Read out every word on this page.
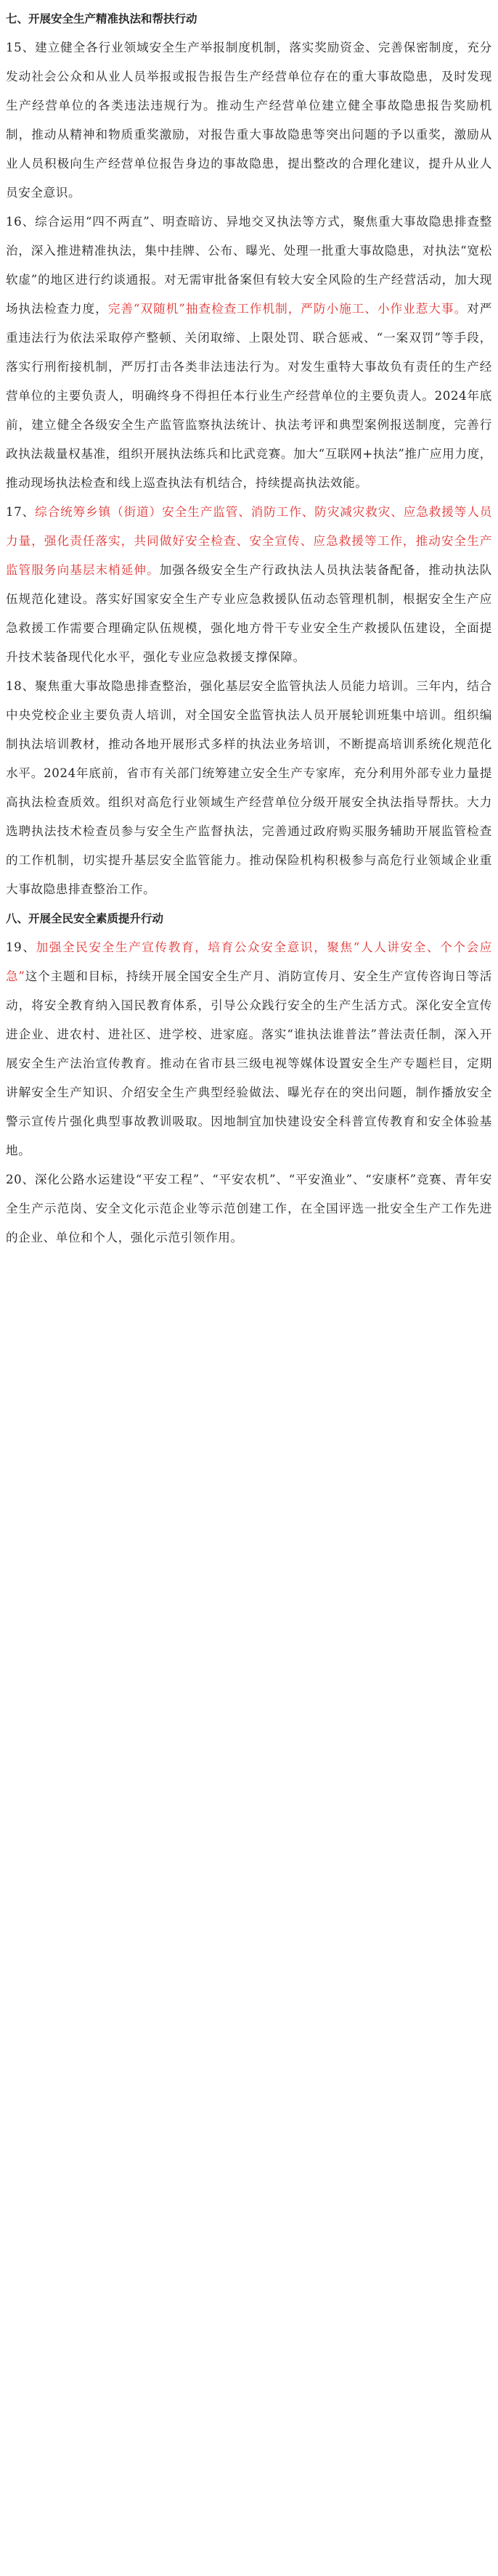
七、开展安全生产精准执法和帮扶行动

15、建立健全各行业领域安全生产举报制度机制，落实奖励资金、完善保密制度，充分发动社会公众和从业人员举报或报告报告生产经营单位存在的重大事故隐患，及时发现生产经营单位的各类违法违规行为。推动生产经营单位建立健全事故隐患报告奖励机制，推动从精神和物质重奖激励，对报告重大事故隐患等突出问题的予以重奖，激励从业人员积极向生产经营单位报告身边的事故隐患，提出整改的合理化建议，提升从业人员安全意识。

16、综合运用“四不两直”、明查暗访、异地交叉执法等方式，聚焦重大事故隐患排查整治，深入推进精准执法，集中挂牌、公布、曝光、处理一批重大事故隐患，对执法“宽松软虚”的地区进行约谈通报。对无需审批备案但有较大安全风险的生产经营活动，加大现场执法检查力度，完善“双随机”抽查检查工作机制，严防小施工、小作业惹大事。对严重违法行为依法采取停产整顿、关闭取缔、上限处罚、联合惩戒、“一案双罚”等手段，落实行刑衔接机制，严厉打击各类非法违法行为。对发生重特大事故负有责任的生产经营单位的主要负责人，明确终身不得担任本行业生产经营单位的主要负责人。2024年底前，建立健全各级安全生产监管监察执法统计、执法考评和典型案例报送制度，完善行政执法裁量权基准，组织开展执法练兵和比武竞赛。加大“互联网+执法”推广应用力度，推动现场执法检查和线上巡查执法有机结合，持续提高执法效能。

17、综合统筹乡镇（街道）安全生产监管、消防工作、防灾减灾救灾、应急救援等人员力量，强化责任落实，共同做好安全检查、安全宣传、应急救援等工作，推动安全生产监管服务向基层末梢延伸。加强各级安全生产行政执法人员执法装备配备，推动执法队伍规范化建设。落实好国家安全生产专业应急救援队伍动态管理机制，根据安全生产应急救援工作需要合理确定队伍规模，强化地方骨干专业安全生产救援队伍建设，全面提升技术装备现代化水平，强化专业应急救援支撑保障。

18、聚焦重大事故隐患排查整治，强化基层安全监管执法人员能力培训。三年内，结合中央党校企业主要负责人培训，对全国安全监管执法人员开展轮训班集中培训。组织编制执法培训教材，推动各地开展形式多样的执法业务培训，不断提高培训系统化规范化水平。2024年底前，省市有关部门统筹建立安全生产专家库，充分利用外部专业力量提高执法检查质效。组织对高危行业领域生产经营单位分级开展安全执法指导帮扶。大力选聘执法技术检查员参与安全生产监督执法，完善通过政府购买服务辅助开展监管检查的工作机制，切实提升基层安全监管能力。推动保险机构积极参与高危行业领域企业重大事故隐患排查整治工作。

八、开展全民安全素质提升行动

19、加强全民安全生产宣传教育，培育公众安全意识，聚焦“人人讲安全、个个会应急”这个主题和目标，持续开展全国安全生产月、消防宣传月、安全生产宣传咨询日等活动，将安全教育纳入国民教育体系，引导公众践行安全的生产生活方式。深化安全宣传进企业、进农村、进社区、进学校、进家庭。落实“谁执法谁普法”普法责任制，深入开展安全生产法治宣传教育。推动在省市县三级电视等媒体设置安全生产专题栏目，定期讲解安全生产知识、介绍安全生产典型经验做法、曝光存在的突出问题，制作播放安全警示宣传片强化典型事故教训吸取。因地制宜加快建设安全科普宣传教育和安全体验基地。

20、深化公路水运建设“平安工程”、“平安农机”、“平安渔业”、“安康杯”竞赛、青年安全生产示范岗、安全文化示范企业等示范创建工作，在全国评选一批安全生产工作先进的企业、单位和个人，强化示范引领作用。
